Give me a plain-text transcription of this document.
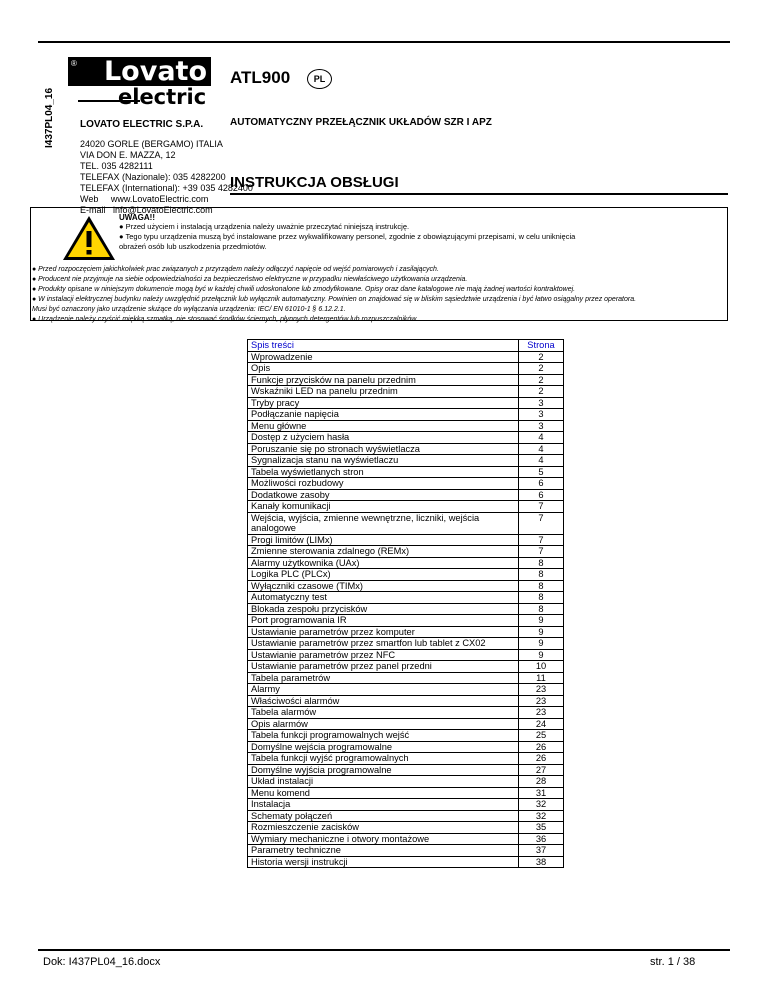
I437PL04_16
Lovato
®
electric
LOVATO ELECTRIC S.P.A.
24020 GORLE (BERGAMO) ITALIA
VIA DON E. MAZZA, 12
TEL. 035 4282111
TELEFAX (Nazionale): 035 4282200
TELEFAX (International): +39 035 4282400
Web     www.LovatoElectric.com
E-mail   info@LovatoElectric.com
ATL900	PL
AUTOMATYCZNY PRZEŁĄCZNIK UKŁADÓW SZR I APZ
INSTRUKCJA OBSŁUGI
UWAGA!!
● Przed użyciem i instalacją urządzenia należy uważnie przeczytać niniejszą instrukcję.
● Tego typu urządzenia muszą być instalowane przez wykwalifikowany personel, zgodnie z obowiązującymi przepisami, w celu uniknięcia
obrażeń osób lub uszkodzenia przedmiotów.
● Przed rozpoczęciem jakichkolwiek prac związanych z przyrządem należy odłączyć napięcie od wejść pomiarowych i zasilających.
● Producent nie przyjmuje na siebie odpowiedzialności za bezpieczeństwo elektryczne w przypadku niewłaściwego użytkowania urządzenia.
● Produkty opisane w niniejszym dokumencie mogą być w każdej chwili udoskonalone lub zmodyfikowane. Opisy oraz dane katalogowe nie mają żadnej wartości kontraktowej.
● W instalacji elektrycznej budynku należy uwzględnić przełącznik lub wyłącznik automatyczny. Powinien on znajdować się w bliskim sąsiedztwie urządzenia i być łatwo osiągalny przez operatora.
Musi być oznaczony jako urządzenie służące do wyłączania urządzenia: IEC/ EN 61010-1 § 6.12.2.1.
● Urządzenie należy czyścić miękką szmatką, nie stosować środków ściernych, płynnych detergentów lub rozpuszczalników.
Spis treści	Strona
Wprowadzenie	2
Opis	2
Funkcje przycisków na panelu przednim	2
Wskaźniki LED na panelu przednim	2
Tryby pracy	3
Podłączanie napięcia	3
Menu główne	3
Dostęp z użyciem hasła	4
Poruszanie się po stronach wyświetlacza	4
Sygnalizacja stanu na wyświetlaczu	4
Tabela wyświetlanych stron	5
Możliwości rozbudowy	6
Dodatkowe zasoby	6
Kanały komunikacji	7
Wejścia, wyjścia, zmienne wewnętrzne, liczniki, wejścia analogowe	7
Progi limitów (LIMx)	7
Zmienne sterowania zdalnego (REMx)	7
Alarmy użytkownika (UAx)	8
Logika PLC (PLCx)	8
Wyłączniki czasowe (TIMx)	8
Automatyczny test	8
Blokada zespołu przycisków	8
Port programowania IR	9
Ustawianie parametrów przez komputer	9
Ustawianie parametrów przez smartfon lub tablet z CX02	9
Ustawianie parametrów przez NFC	9
Ustawianie parametrów przez panel przedni	10
Tabela parametrów	11
Alarmy	23
Właściwości alarmów	23
Tabela alarmów	23
Opis alarmów	24
Tabela funkcji programowalnych wejść	25
Domyślne wejścia programowalne	26
Tabela funkcji wyjść programowalnych	26
Domyślne wyjścia programowalne	27
Układ instalacji	28
Menu komend	31
Instalacja	32
Schematy połączeń	32
Rozmieszczenie zacisków	35
Wymiary mechaniczne i otwory montażowe	36
Parametry techniczne	37
Historia wersji instrukcji	38
Dok: I437PL04_16.docx	str. 1 / 38
